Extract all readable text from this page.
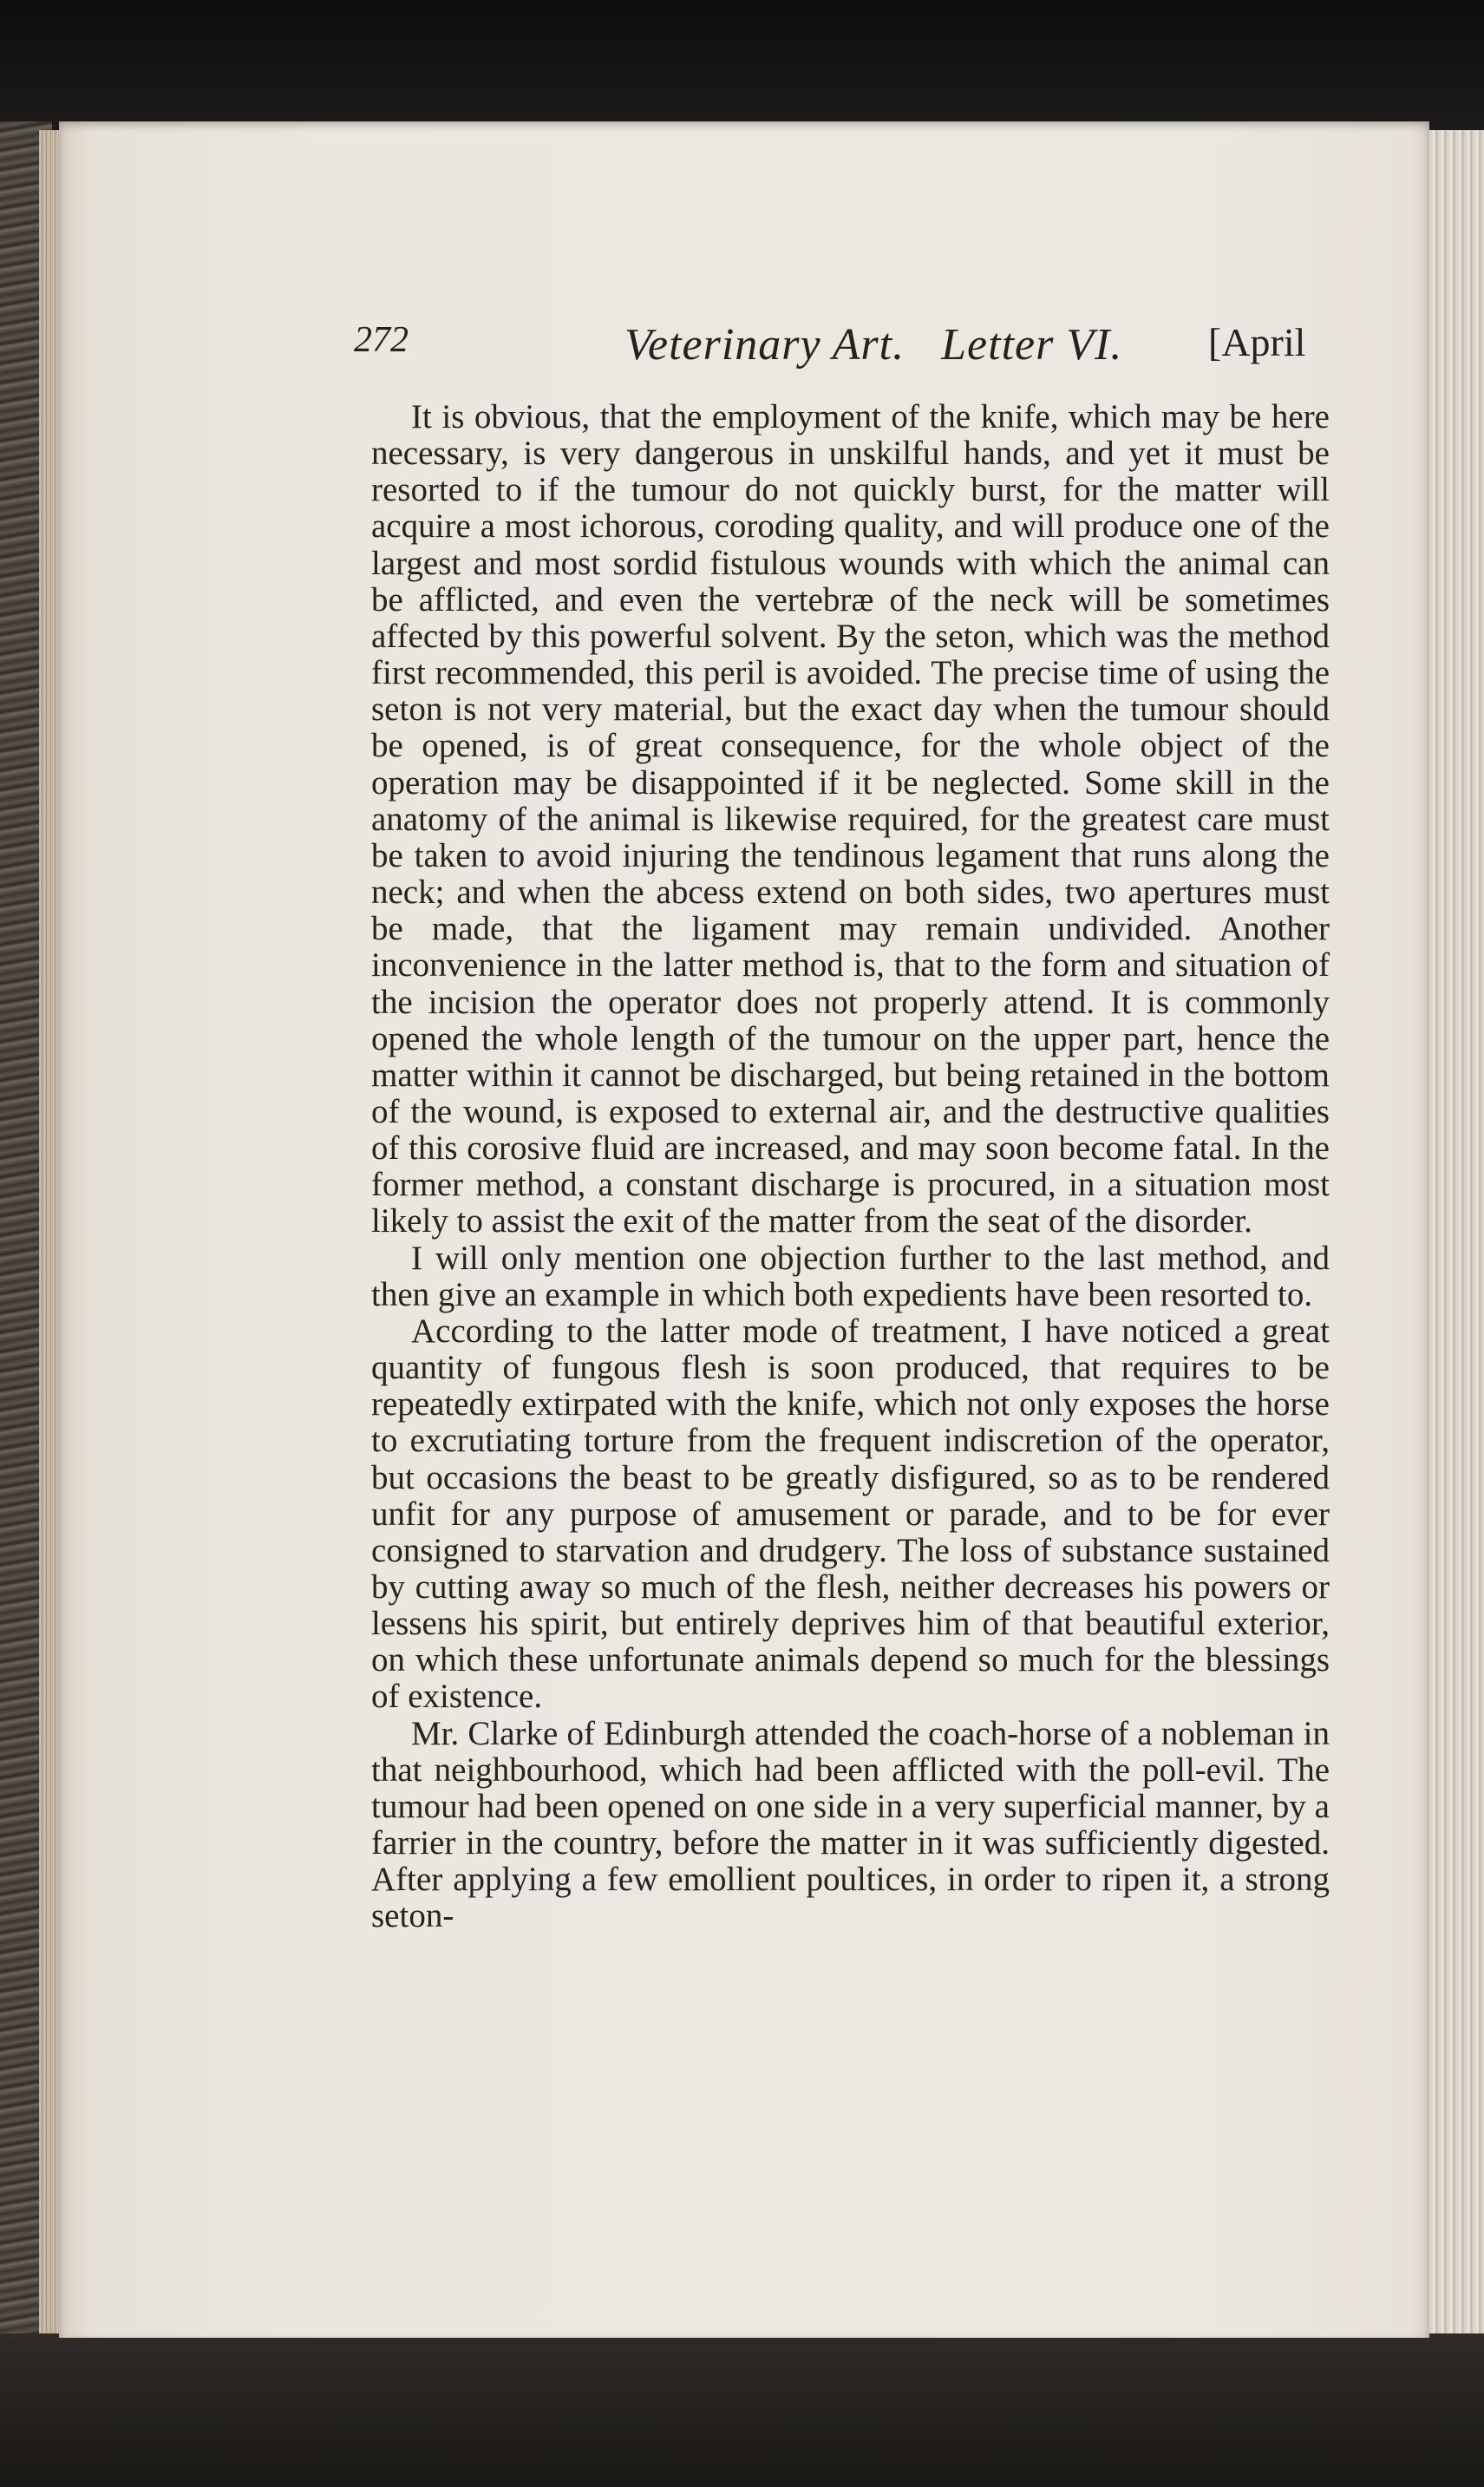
272	Veterinary Art.   Letter VI. [April

It is obvious, that the employment of the knife, which may be here necessary, is very dangerous in unskilful hands, and yet it must be resorted to if the tumour do not quickly burst, for the matter will acquire a most ichorous, coroding quality, and will produce one of the largest and most sordid fistulous wounds with which the animal can be afflicted, and even the vertebræ of the neck will be sometimes affected by this powerful solvent. By the seton, which was the method first recommended, this peril is avoided. The precise time of using the seton is not very material, but the exact day when the tumour should be opened, is of great consequence, for the whole object of the operation may be disappointed if it be neglected. Some skill in the anatomy of the animal is likewise required, for the greatest care must be taken to avoid injuring the tendinous legament that runs along the neck; and when the abcess extend on both sides, two apertures must be made, that the ligament may remain undivided. Another inconvenience in the latter method is, that to the form and situation of the incision the operator does not properly attend. It is commonly opened the whole length of the tumour on the upper part, hence the matter within it cannot be discharged, but being retained in the bottom of the wound, is exposed to external air, and the destructive qualities of this corosive fluid are increased, and may soon become fatal. In the former method, a constant discharge is procured, in a situation most likely to assist the exit of the matter from the seat of the disorder.

I will only mention one objection further to the last method, and then give an example in which both expedients have been resorted to.

According to the latter mode of treatment, I have noticed a great quantity of fungous flesh is soon produced, that requires to be repeatedly extirpated with the knife, which not only exposes the horse to excrutiating torture from the frequent indiscretion of the operator, but occasions the beast to be greatly disfigured, so as to be rendered unfit for any purpose of amusement or parade, and to be for ever consigned to starvation and drudgery. The loss of substance sustained by cutting away so much of the flesh, neither decreases his powers or lessens his spirit, but entirely deprives him of that beautiful exterior, on which these unfortunate animals depend so much for the blessings of existence.

Mr. Clarke of Edinburgh attended the coach-horse of a nobleman in that neighbourhood, which had been afflicted with the poll-evil. The tumour had been opened on one side in a very superficial manner, by a farrier in the country, before the matter in it was sufficiently digested. After applying a few emollient poultices, in order to ripen it, a strong seton-
